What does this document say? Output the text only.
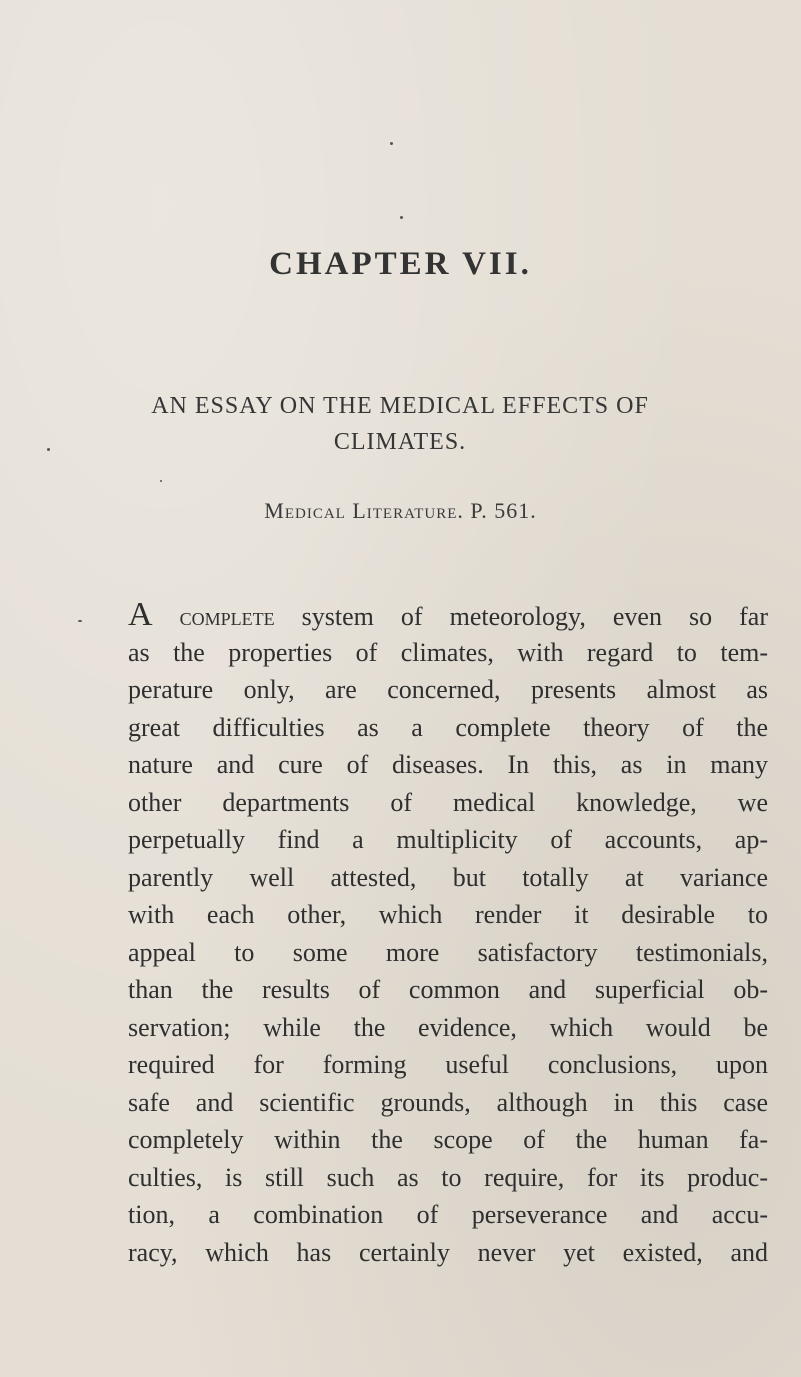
CHAPTER VII.
AN ESSAY ON THE MEDICAL EFFECTS OF
CLIMATES.

Medical Literature. P. 561.

A complete system of meteorology, even so far
as the properties of climates, with regard to tem-
perature only, are concerned, presents almost as
great difficulties as a complete theory of the
nature and cure of diseases. In this, as in many
other departments of medical knowledge, we
perpetually find a multiplicity of accounts, ap-
parently well attested, but totally at variance
with each other, which render it desirable to
appeal to some more satisfactory testimonials,
than the results of common and superficial ob-
servation; while the evidence, which would be
required for forming useful conclusions, upon
safe and scientific grounds, although in this case
completely within the scope of the human fa-
culties, is still such as to require, for its produc-
tion, a combination of perseverance and accu-
racy, which has certainly never yet existed, and
